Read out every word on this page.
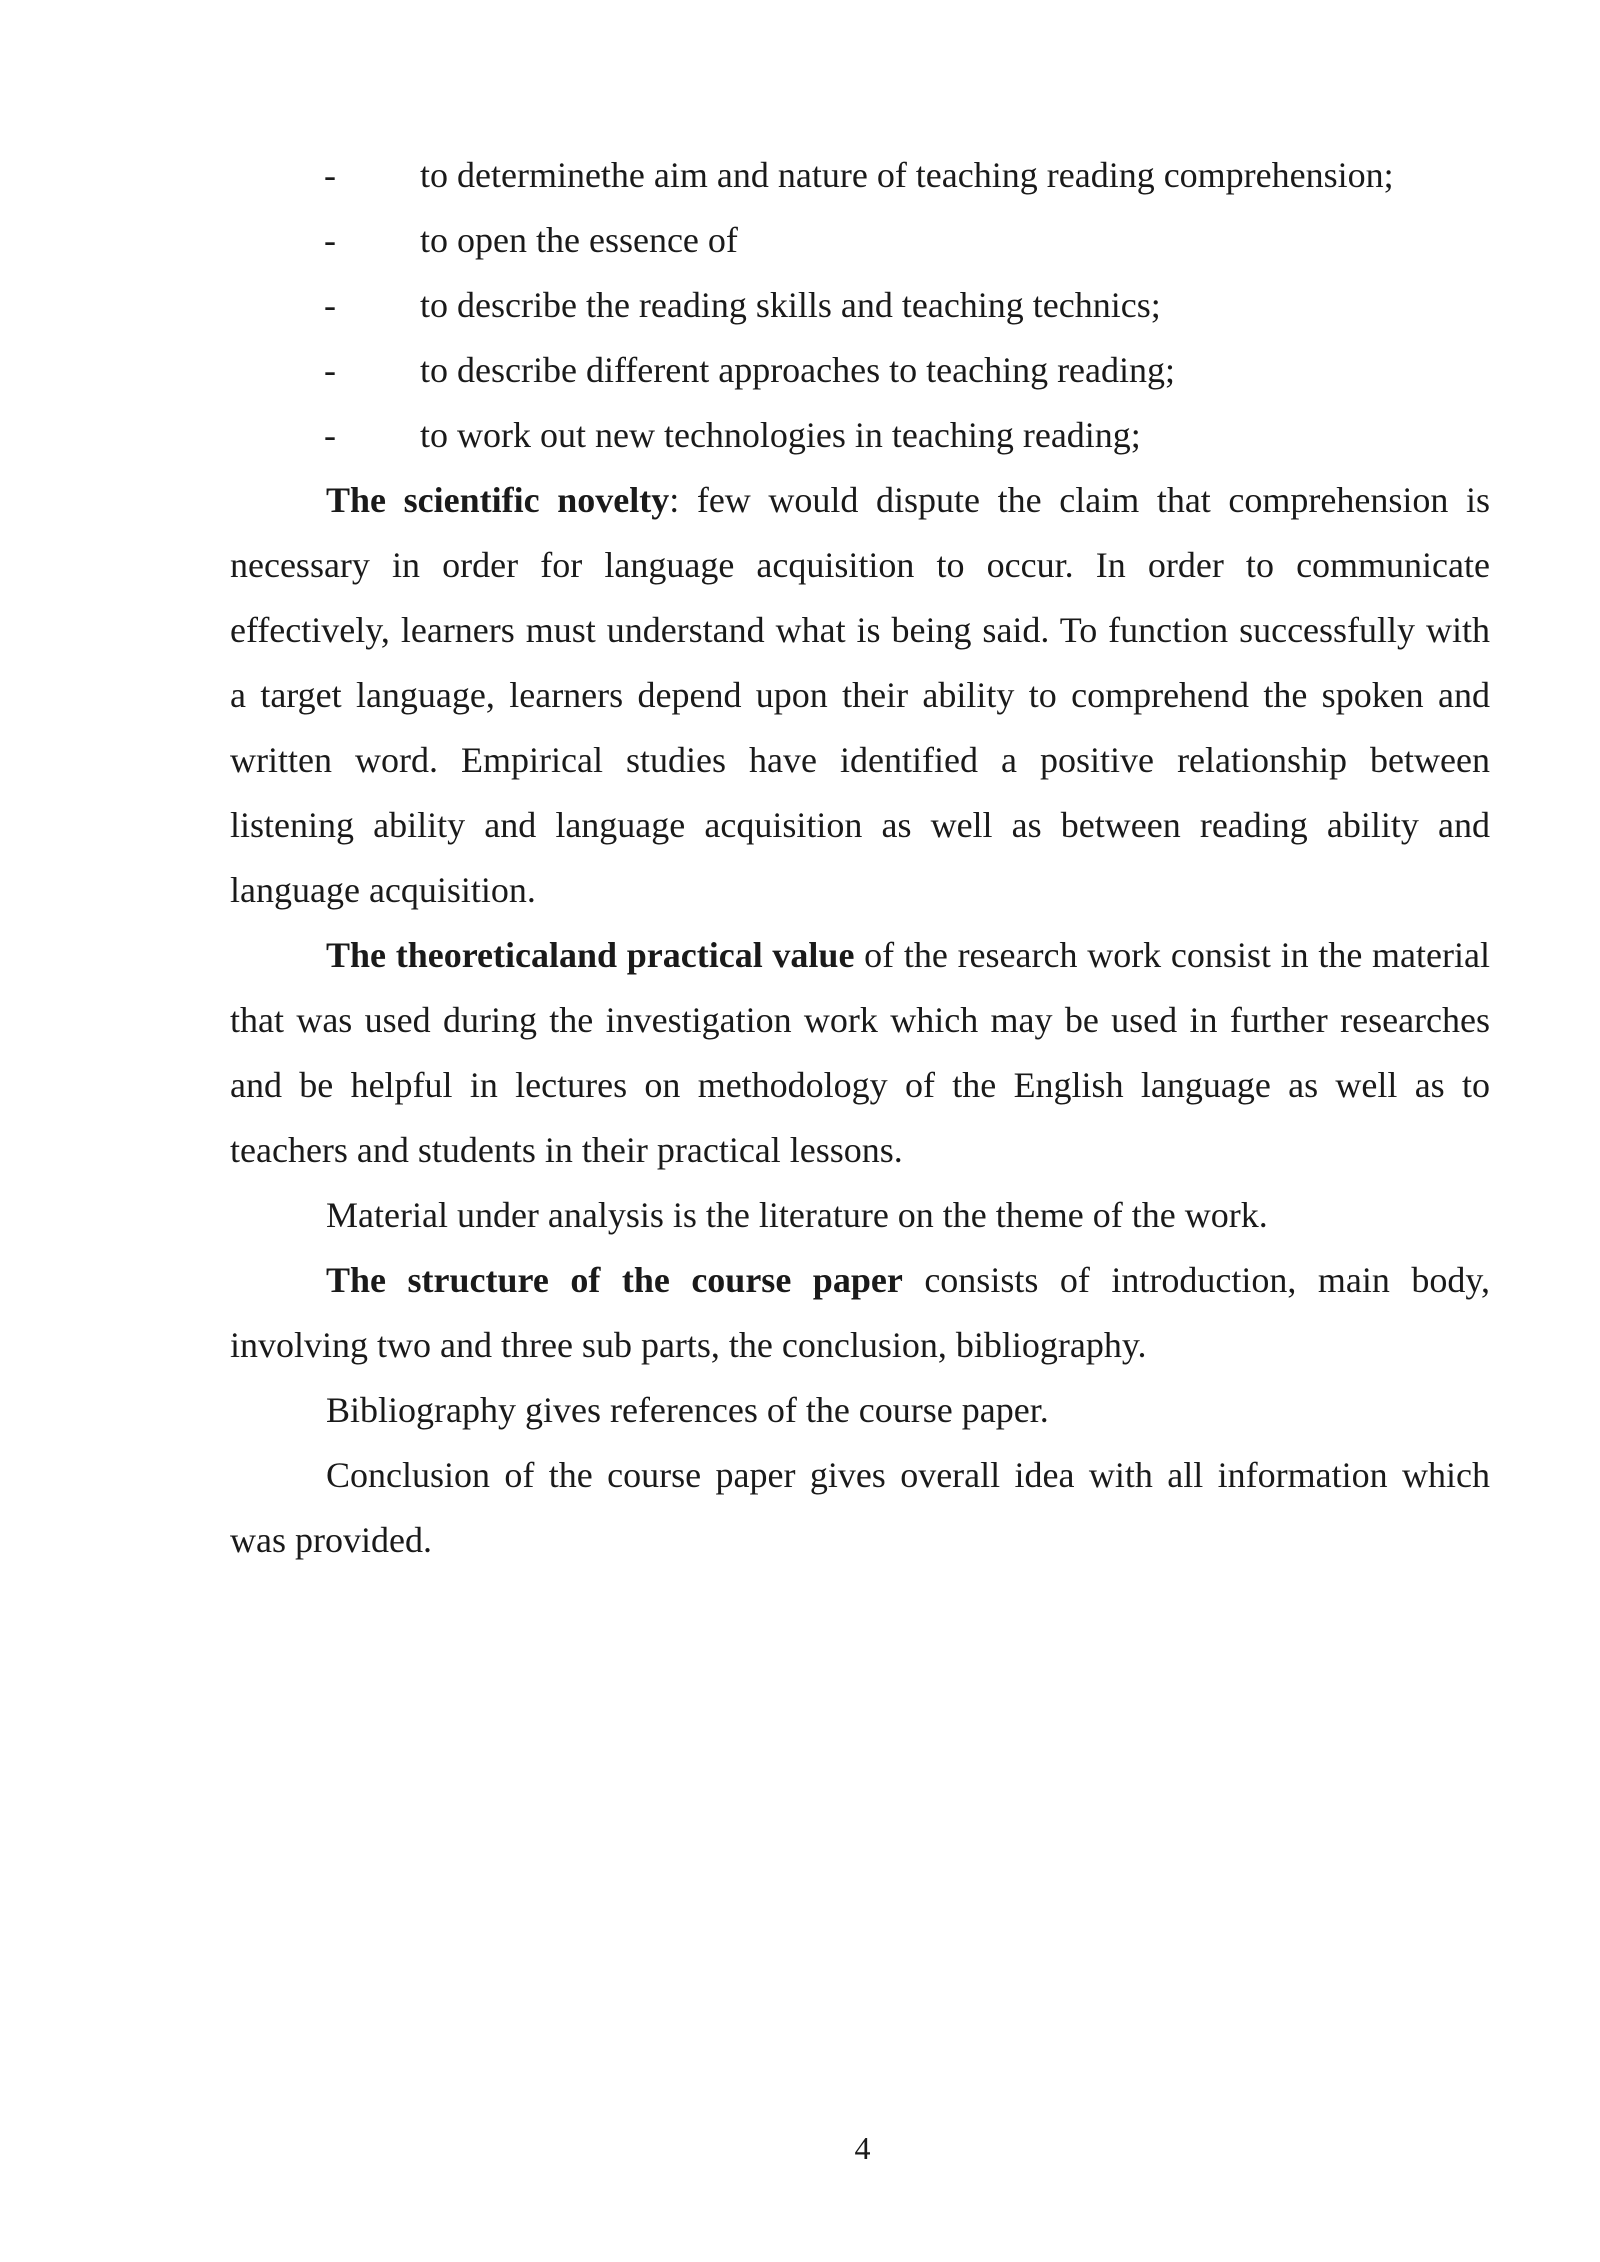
-	to determinethe aim and nature of teaching reading comprehension;
-	to open the essence of
-	to describe the reading skills and teaching technics;
-	to describe different approaches to teaching reading;
-	to work out new technologies in teaching reading;

The scientific novelty: few would dispute the claim that comprehension is necessary in order for language acquisition to occur. In order to communicate effectively, learners must understand what is being said. To function successfully with a target language, learners depend upon their ability to comprehend the spoken and written word. Empirical studies have identified a positive relationship between listening ability and language acquisition as well as between reading ability and language acquisition.

The theoreticaland practical value of the research work consist in the material that was used during the investigation work which may be used in further researches and be helpful in lectures on methodology of the English language as well as to teachers and students in their practical lessons.

Material under analysis is the literature on the theme of the work.

The structure of the course paper consists of introduction, main body, involving two and three sub parts, the conclusion, bibliography.

Bibliography gives references of the course paper.

Conclusion of the course paper gives overall idea with all information which was provided.

4
